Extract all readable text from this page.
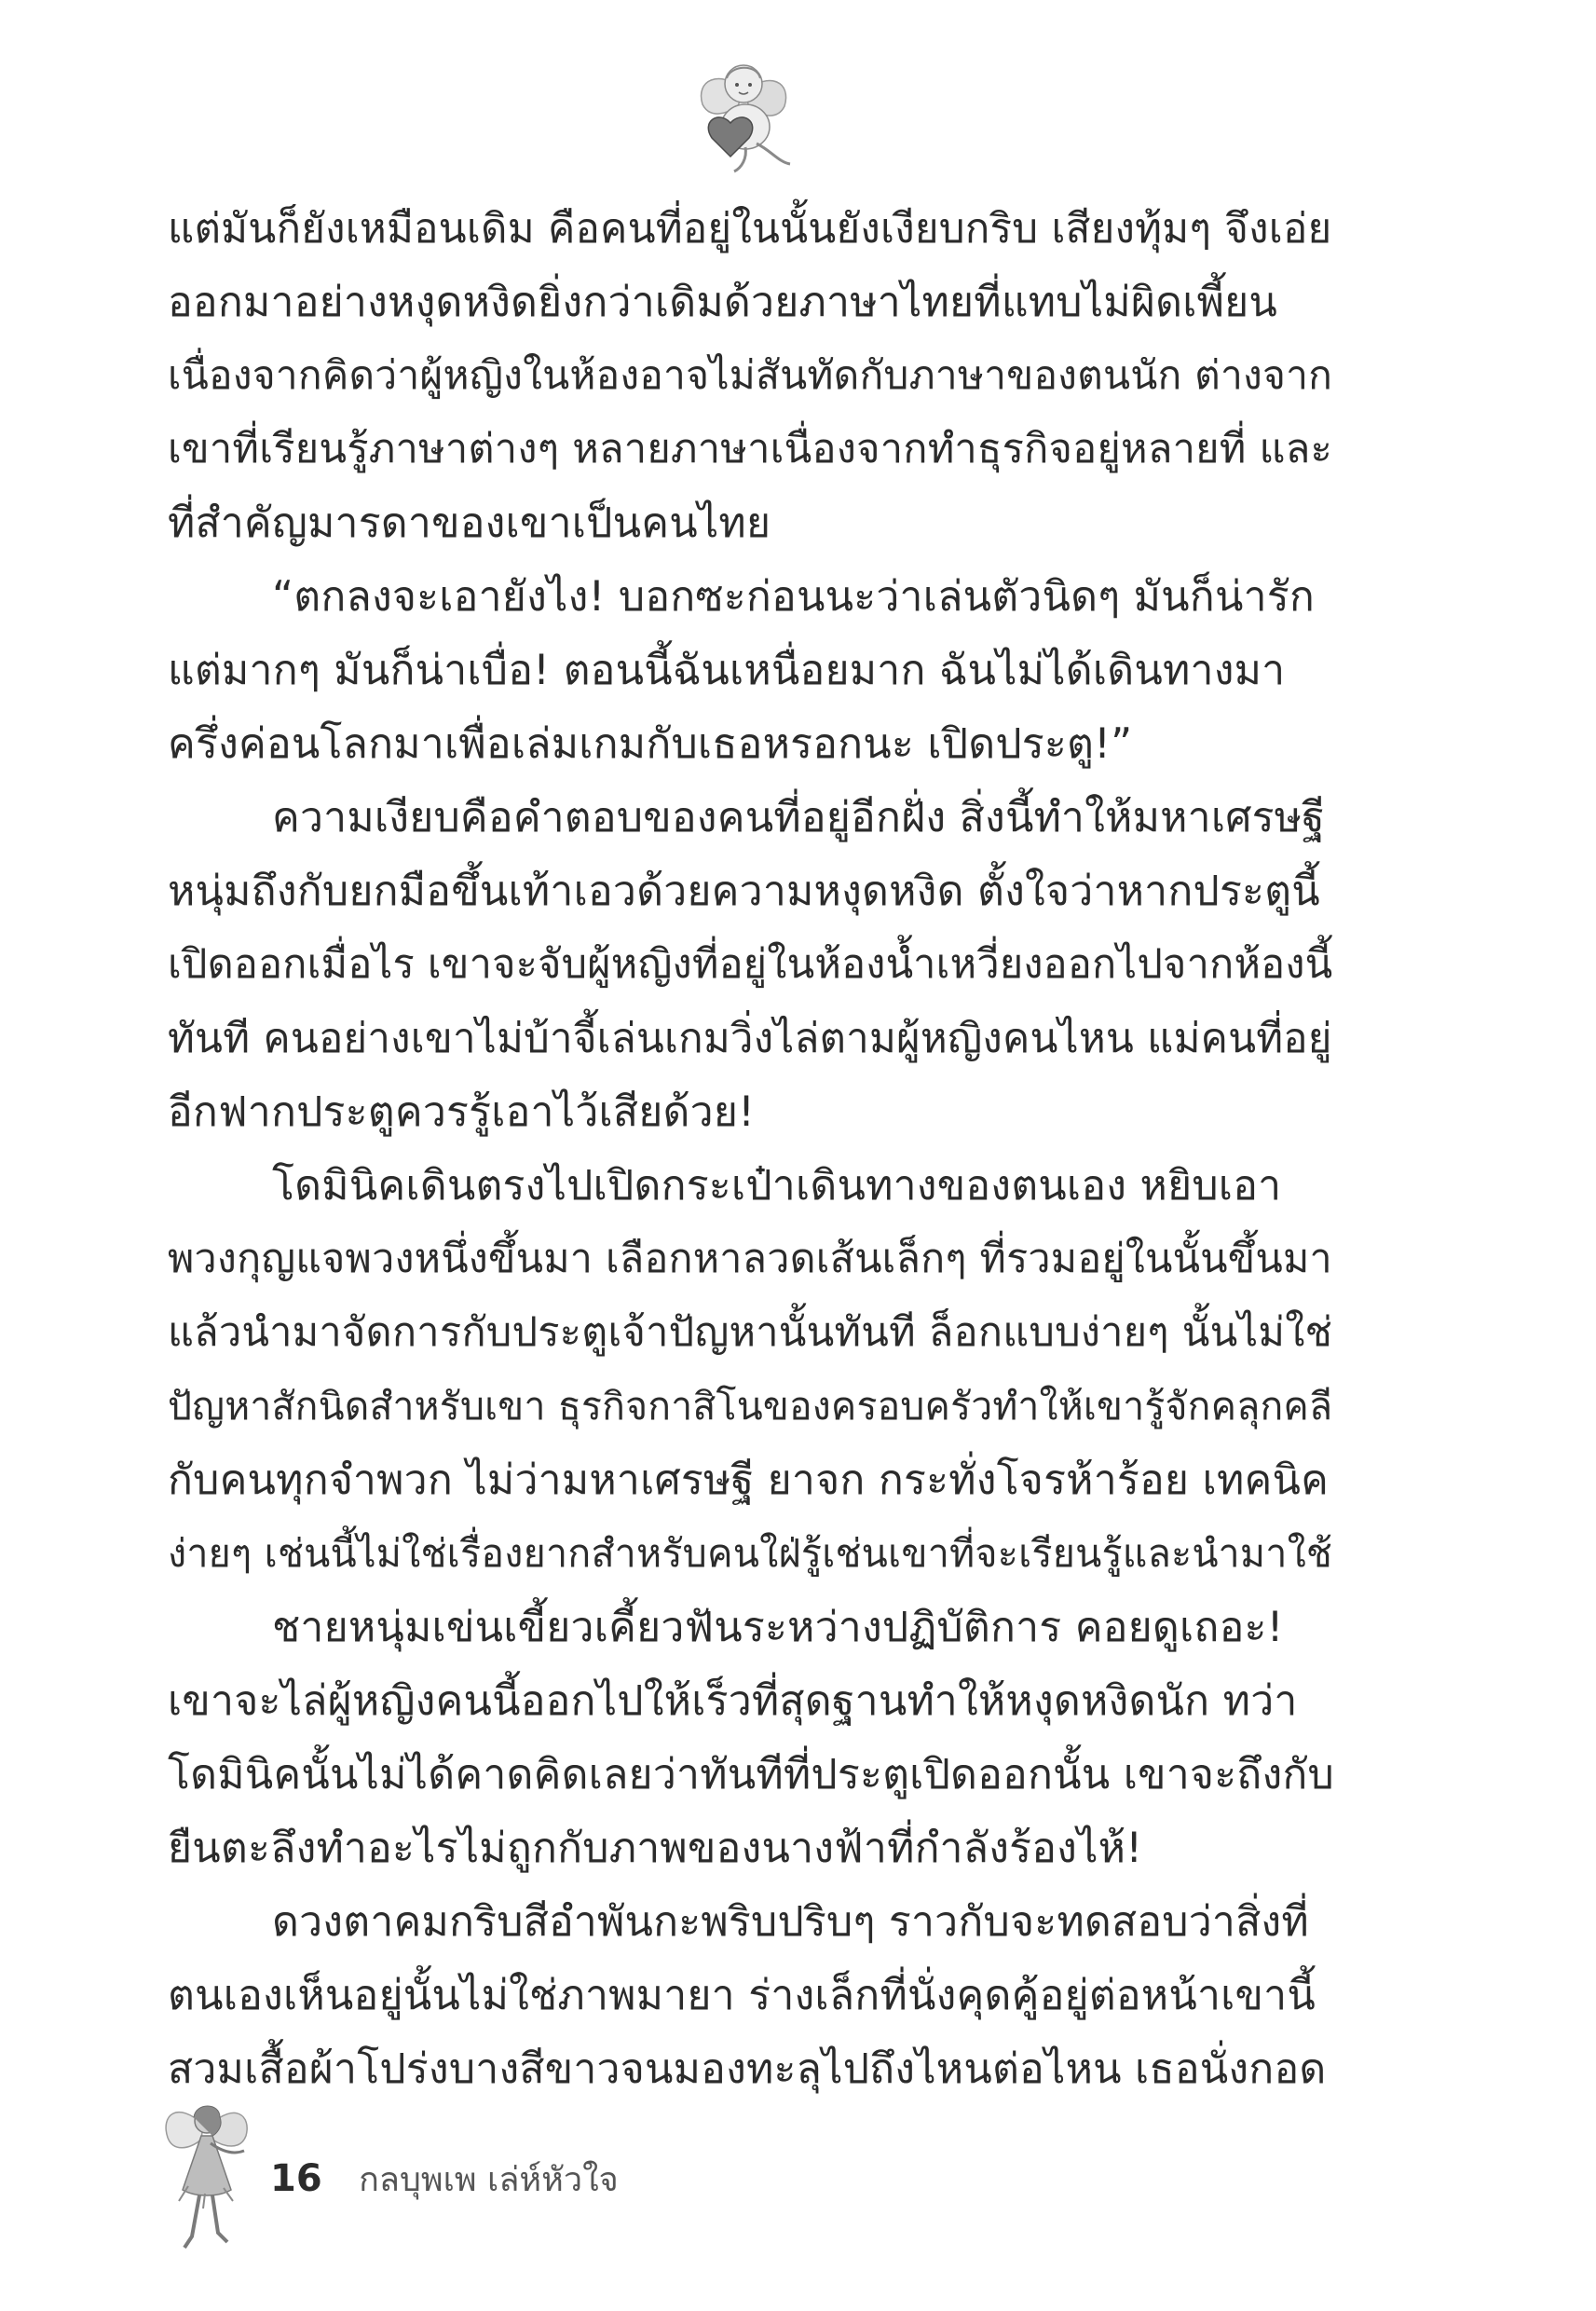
แต่มันก็ยังเหมือนเดิม คือคนที่อยู่ในนั้นยังเงียบกริบ เสียงทุ้มๆ จึงเอ่ย
ออกมาอย่างหงุดหงิดยิ่งกว่าเดิมด้วยภาษาไทยที่แทบไม่ผิดเพี้ยน
เนื่องจากคิดว่าผู้หญิงในห้องอาจไม่สันทัดกับภาษาของตนนัก ต่างจาก
เขาที่เรียนรู้ภาษาต่างๆ หลายภาษาเนื่องจากทำธุรกิจอยู่หลายที่ และ
ที่สำคัญมารดาของเขาเป็นคนไทย
“ตกลงจะเอายังไง! บอกซะก่อนนะว่าเล่นตัวนิดๆ มันก็น่ารัก
แต่มากๆ มันก็น่าเบื่อ! ตอนนี้ฉันเหนื่อยมาก ฉันไม่ได้เดินทางมา
ครึ่งค่อนโลกมาเพื่อเล่มเกมกับเธอหรอกนะ เปิดประตู!”
ความเงียบคือคำตอบของคนที่อยู่อีกฝั่ง สิ่งนี้ทำให้มหาเศรษฐี
หนุ่มถึงกับยกมือขึ้นเท้าเอวด้วยความหงุดหงิด ตั้งใจว่าหากประตูนี้
เปิดออกเมื่อไร เขาจะจับผู้หญิงที่อยู่ในห้องน้ำเหวี่ยงออกไปจากห้องนี้
ทันที คนอย่างเขาไม่บ้าจี้เล่นเกมวิ่งไล่ตามผู้หญิงคนไหน แม่คนที่อยู่
อีกฟากประตูควรรู้เอาไว้เสียด้วย!
โดมินิคเดินตรงไปเปิดกระเป๋าเดินทางของตนเอง หยิบเอา
พวงกุญแจพวงหนึ่งขึ้นมา เลือกหาลวดเส้นเล็กๆ ที่รวมอยู่ในนั้นขึ้นมา
แล้วนำมาจัดการกับประตูเจ้าปัญหานั้นทันที ล็อกแบบง่ายๆ นั้นไม่ใช่
ปัญหาสักนิดสำหรับเขา ธุรกิจกาสิโนของครอบครัวทำให้เขารู้จักคลุกคลี
กับคนทุกจำพวก ไม่ว่ามหาเศรษฐี ยาจก กระทั่งโจรห้าร้อย เทคนิค
ง่ายๆ เช่นนี้ไม่ใช่เรื่องยากสำหรับคนใฝ่รู้เช่นเขาที่จะเรียนรู้และนำมาใช้
ชายหนุ่มเข่นเขี้ยวเคี้ยวฟันระหว่างปฏิบัติการ คอยดูเถอะ!
เขาจะไล่ผู้หญิงคนนี้ออกไปให้เร็วที่สุดฐานทำให้หงุดหงิดนัก ทว่า
โดมินิคนั้นไม่ได้คาดคิดเลยว่าทันทีที่ประตูเปิดออกนั้น เขาจะถึงกับ
ยืนตะลึงทำอะไรไม่ถูกกับภาพของนางฟ้าที่กำลังร้องไห้!
ดวงตาคมกริบสีอำพันกะพริบปริบๆ ราวกับจะทดสอบว่าสิ่งที่
ตนเองเห็นอยู่นั้นไม่ใช่ภาพมายา ร่างเล็กที่นั่งคุดคู้อยู่ต่อหน้าเขานี้
สวมเสื้อผ้าโปร่งบางสีขาวจนมองทะลุไปถึงไหนต่อไหน เธอนั่งกอด
16 กลบุพเพ เล่ห์หัวใจ
